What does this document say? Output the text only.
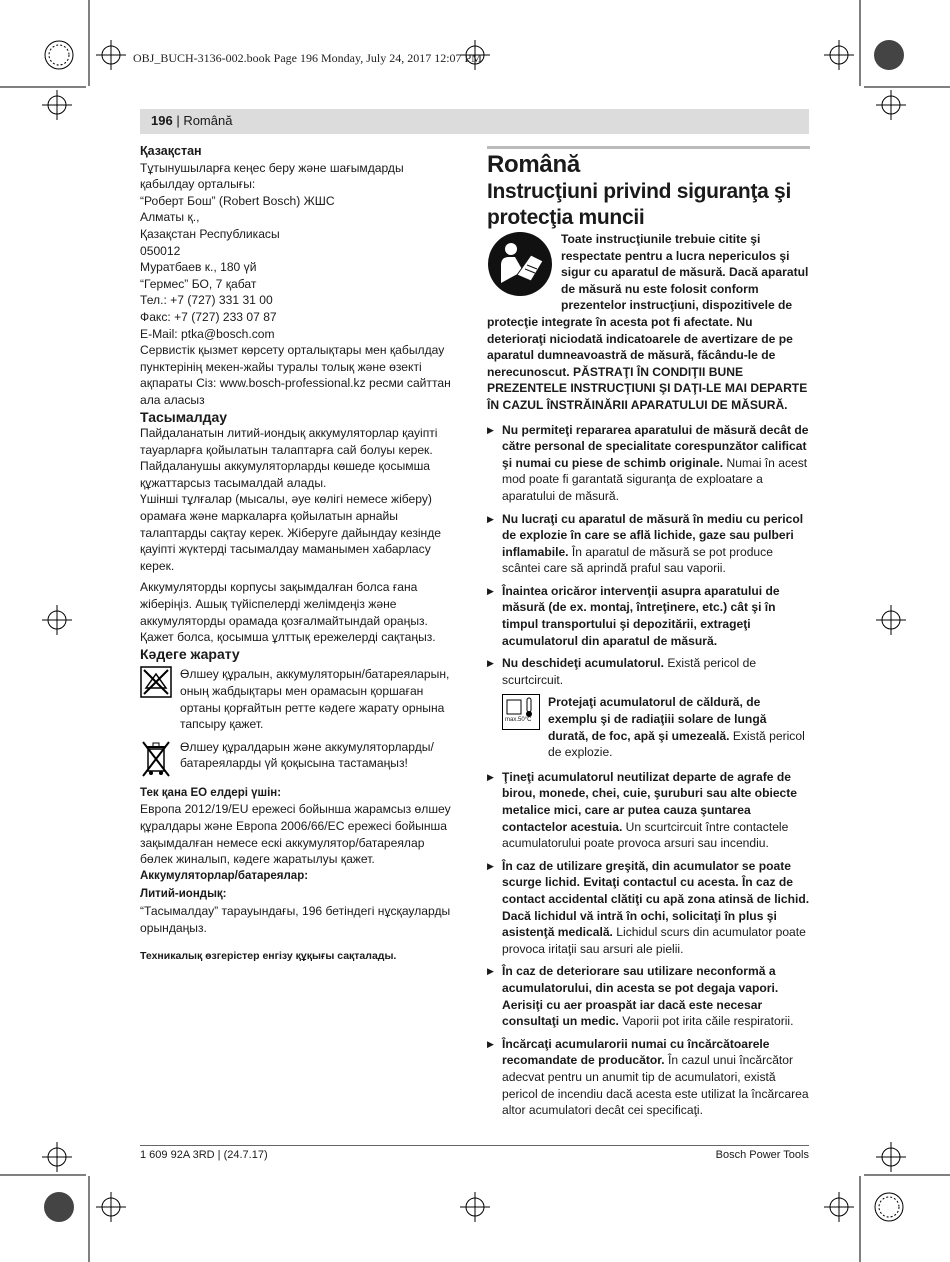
OBJ_BUCH-3136-002.book Page 196 Monday, July 24, 2017 12:07 PM
196 | Română

Қазақстан

Тұтынушыларға кеңес беру және шағымдарды қабылдау орталығы:

“Роберт Бош” (Robert Bosch) ЖШС

Алматы қ.,

Қазақстан Республикасы

050012

Муратбаев к., 180 үй

“Гермес” БО, 7 қабат

Тел.: +7 (727) 331 31 00

Факс: +7 (727) 233 07 87

E-Mail: ptka@bosch.com

Сервистік қызмет көрсету орталықтары мен қабылдау пунктерінің мекен-жайы туралы толық және өзекті ақпараты Сіз: www.bosch-professional.kz ресми сайттан ала аласыз

Тасымалдау

Пайдаланатын литий-иондық аккумуляторлар қауіпті тауарларға қойылатын талаптарға сай болуы керек. Пайдаланушы аккумуляторларды көшеде қосымша құжаттарсыз тасымалдай алады.

Үшінші тұлғалар (мысалы, әуе көлігі немесе жіберу) орамаға және маркаларға қойылатын арнайы талаптарды сақтау керек. Жіберуге дайындау кезінде қауіпті жүктерді тасымалдау маманымен хабарласу керек.

Аккумуляторды корпусы зақымдалған болса ғана жіберіңіз. Ашық түйіспелерді желімдеңіз және аккумуляторды орамада қозғалмайтындай ораңыз. Қажет болса, қосымша ұлттық ережелерді сақтаңыз.

Кәдеге жарату

Өлшеу құралын, аккумуляторын/батареяларын, оның жабдықтары мен орамасын қоршаған ортаны қорғайтын ретте кәдеге жарату орнына тапсыру қажет.

Өлшеу құралдарын және аккумуляторларды/батареяларды үй қоқысына тастамаңыз!

Тек қана ЕО елдері үшін:

Европа 2012/19/EU ережесі бойынша жарамсыз өлшеу құралдары және Европа 2006/66/EC ережесі бойынша зақымдалған немесе ескі аккумулятор/батареялар бөлек жиналып, кәдеге жаратылуы қажет.

Аккумуляторлар/батареялар:

Литий-иондық:

“Тасымалдау” тарауындағы, 196 бетіндегі нұсқауларды орындаңыз.

Техникалық өзгерістер енгізу құқығы сақталады.

Română

Instrucţiuni privind siguranţa şi protecţia muncii

Toate instrucţiunile trebuie citite şi respectate pentru a lucra nepericulos şi sigur cu aparatul de măsură. Dacă aparatul de măsură nu este folosit conform prezentelor instrucţiuni, dispozitivele de protecţie integrate în acesta pot fi afectate. Nu deterioraţi niciodată indicatoarele de avertizare de pe aparatul dumneavoastră de măsură, făcându-le de nerecunoscut. PĂSTRAŢI ÎN CONDIŢII BUNE PREZENTELE INSTRUCŢIUNI ŞI DAŢI-LE MAI DEPARTE ÎN CAZUL ÎNSTRĂINĂRII APARATULUI DE MĂSURĂ.

▶ Nu permiteţi repararea aparatului de măsură decât de către personal de specialitate corespunzător calificat şi numai cu piese de schimb originale. Numai în acest mod poate fi garantată siguranţa de exploatare a aparatului de măsură.
▶ Nu lucraţi cu aparatul de măsură în mediu cu pericol de explozie în care se află lichide, gaze sau pulberi inflamabile. În aparatul de măsură se pot produce scântei care să aprindă praful sau vaporii.
▶ Înaintea oricăror intervenţii asupra aparatului de măsură (de ex. montaj, întreţinere, etc.) cât şi în timpul transportului şi depozitării, extrageţi acumulatorul din aparatul de măsură.
▶ Nu deschideţi acumulatorul. Există pericol de scurtcircuit.
max.50°C

Protejaţi acumulatorul de căldură, de exemplu şi de radiaţiii solare de lungă durată, de foc, apă şi umezeală. Există pericol de explozie.

▶ Ţineţi acumulatorul neutilizat departe de agrafe de birou, monede, chei, cuie, şuruburi sau alte obiecte metalice mici, care ar putea cauza şuntarea contactelor acestuia. Un scurtcircuit între contactele acumulatorului poate provoca arsuri sau incendiu.
▶ În caz de utilizare greşită, din acumulator se poate scurge lichid. Evitaţi contactul cu acesta. În caz de contact accidental clătiţi cu apă zona atinsă de lichid. Dacă lichidul vă intră în ochi, solicitaţi în plus şi asistenţă medicală. Lichidul scurs din acumulator poate provoca iritaţii sau arsuri ale pielii.
▶ În caz de deteriorare sau utilizare neconformă a acumulatorului, din acesta se pot degaja vapori. Aerisiţi cu aer proaspăt iar dacă este necesar consultaţi un medic. Vaporii pot irita căile respiratorii.
▶ Încărcaţi acumularorii numai cu încărcătoarele recomandate de producător. În cazul unui încărcător adecvat pentru un anumit tip de acumulatori, există pericol de incendiu dacă acesta este utilizat la încărcarea altor acumulatori decât cei specificaţi.
1 609 92A 3RD | (24.7.17)	Bosch Power Tools
